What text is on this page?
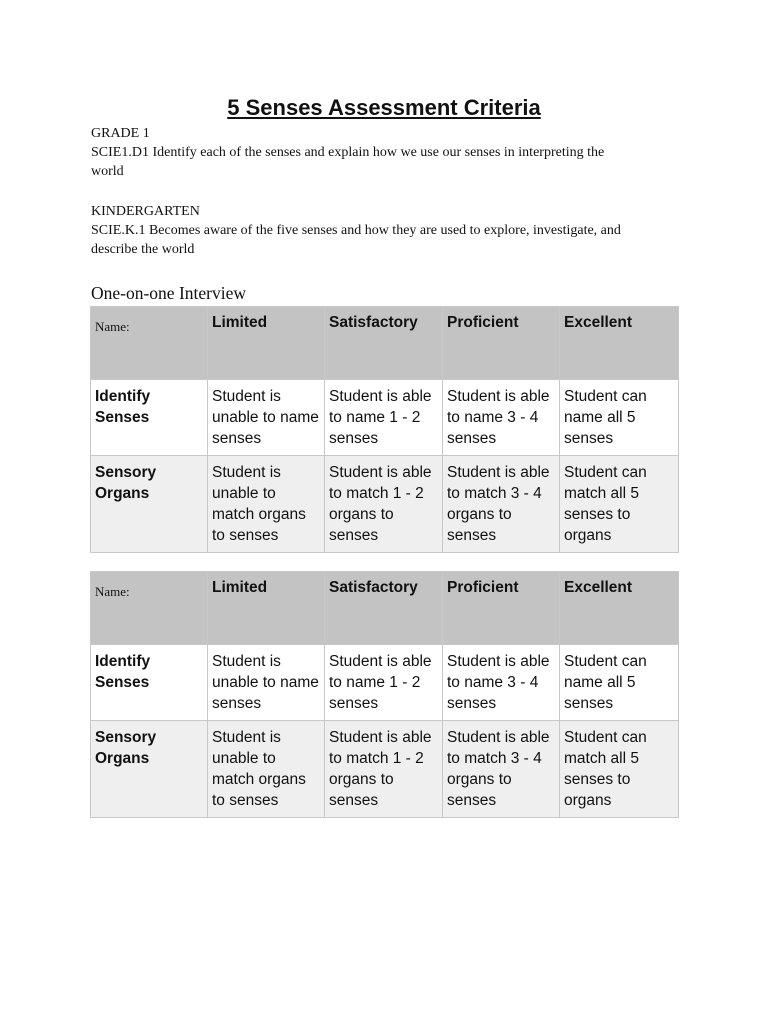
5 Senses Assessment Criteria
GRADE 1
SCIE1.D1 Identify each of the senses and explain how we use our senses in interpreting the
world
KINDERGARTEN
SCIE.K.1 Becomes aware of the five senses and how they are used to explore, investigate, and
describe the world
One-on-one Interview
Name:	Limited	Satisfactory	Proficient	Excellent
Identify Senses	Student is unable to name senses	Student is able to name 1 - 2 senses	Student is able to name 3 - 4 senses	Student can name all 5 senses
Sensory Organs	Student is unable to match organs to senses	Student is able to match 1 - 2 organs to senses	Student is able to match 3 - 4 organs to senses	Student can match all 5 senses to organs
Name:	Limited	Satisfactory	Proficient	Excellent
Identify Senses	Student is unable to name senses	Student is able to name 1 - 2 senses	Student is able to name 3 - 4 senses	Student can name all 5 senses
Sensory Organs	Student is unable to match organs to senses	Student is able to match 1 - 2 organs to senses	Student is able to match 3 - 4 organs to senses	Student can match all 5 senses to organs
